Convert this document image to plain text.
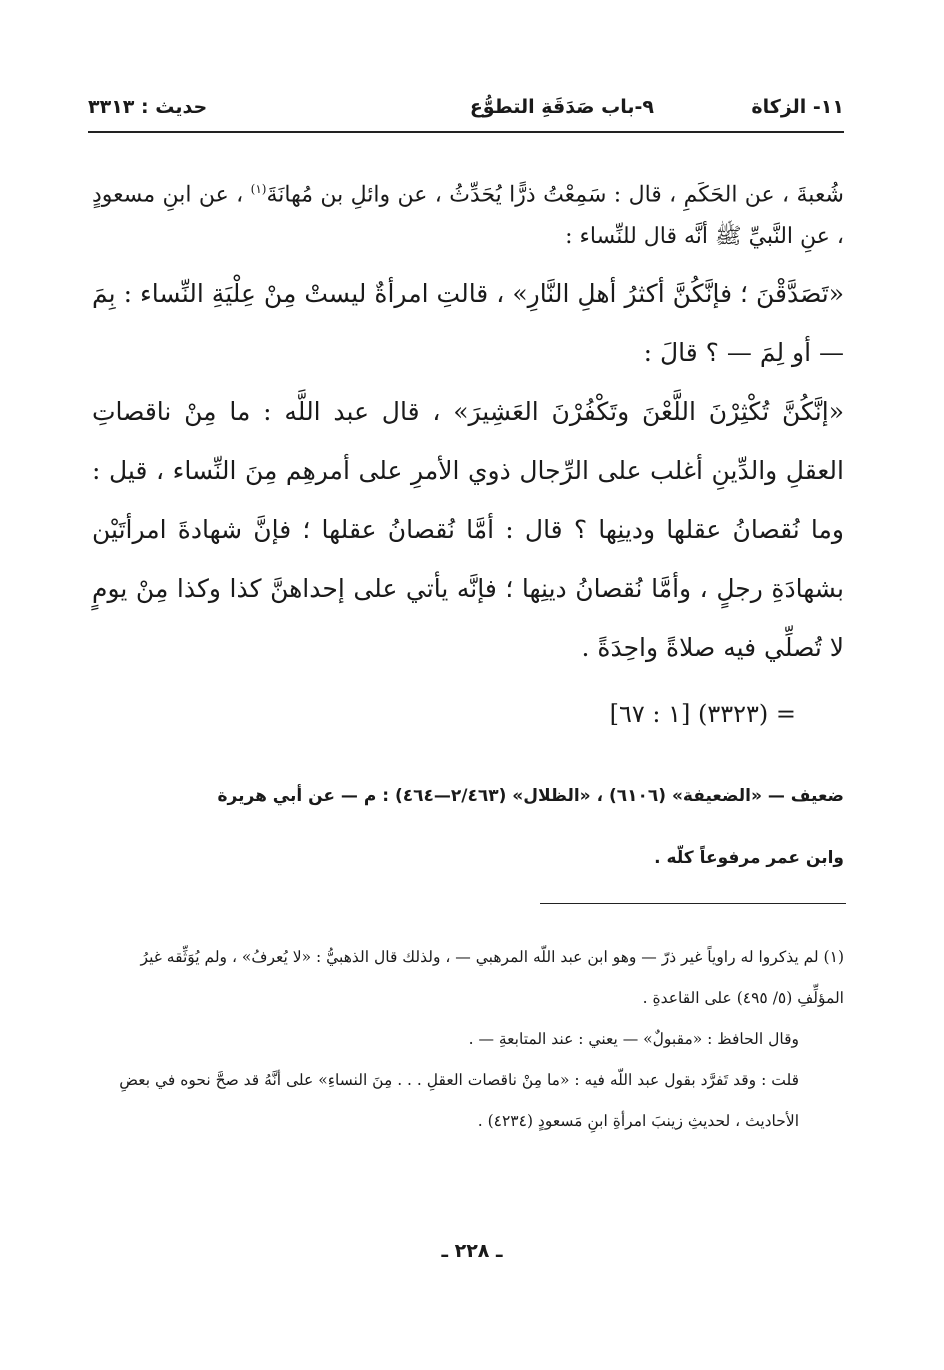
١١- الزكاة
٩-باب صَدَقَةِ التطوُّع
حديث : ٣٣١٣

شُعبةَ ، عن الحَكَمِ ، قال : سَمِعْتُ ذرًّا يُحَدِّثُ ، عن وائلِ بن مُهانَةَ$^{(١)}$ ، عن ابنِ مسعودٍ ، عنِ النَّبيِّ ﷺ أنَّه قال للنِّساء :

«تَصَدَّقْنَ ؛ فإنَّكُنَّ أكثرُ أهلِ النَّارِ» ، قالتِ امرأةٌ ليستْ مِنْ عِلْيَةِ النِّساء : بِمَ — أو لِمَ — ؟ قالَ :

«إنَّكُنَّ تُكْثِرْنَ اللَّعْنَ وتَكْفُرْنَ العَشِيرَ» ، قال عبد اللَّه : ما مِنْ ناقصاتِ العقلِ والدِّينِ أغلب على الرِّجال ذوي الأمرِ على أمرهِم مِنَ النِّساء ، قيل : وما نُقصانُ عقلها ودينِها ؟ قال : أمَّا نُقصانُ عقلها ؛ فإنَّ شهادةَ امرأتَيْن بشهادَةِ رجلٍ ، وأمَّا نُقصانُ دينِها ؛ فإنَّه يأتي على إحداهنَّ كذا وكذا مِنْ يومٍ لا تُصلِّي فيه صلاةً واحِدَةً .

= (٣٣٢٣) [١ : ٦٧]

ضعيف — «الضعيفة» (٦١٠٦) ، «الظلال» (٢/٤٦٣—٤٦٤) : م — عن أبي هريرة

وابن عمر مرفوعاً كلّه .

(١) لم يذكروا له راوياً غير ذرّ — وهو ابن عبد اللّه المرهبي — ، ولذلك قال الذهبيُّ : «لا يُعرفُ» ، ولم يُوَثِّقه غيرُ المؤلِّفِ (٥/ ٤٩٥) على القاعدةِ .

وقال الحافظ : «مقبولٌ» — يعني : عند المتابعةِ — .

قلت : وقد تَفرَّد بقول عبد اللّه فيه : «ما مِنْ ناقصات العقلِ . . . مِنَ النساءِ» على أنَّهُ قد صحَّ نحوه في بعضِ الأحاديث ، لحديثِ زينبَ امرأةِ ابنِ مَسعودٍ (٤٢٣٤) .

ـ ٢٢٨ ـ
